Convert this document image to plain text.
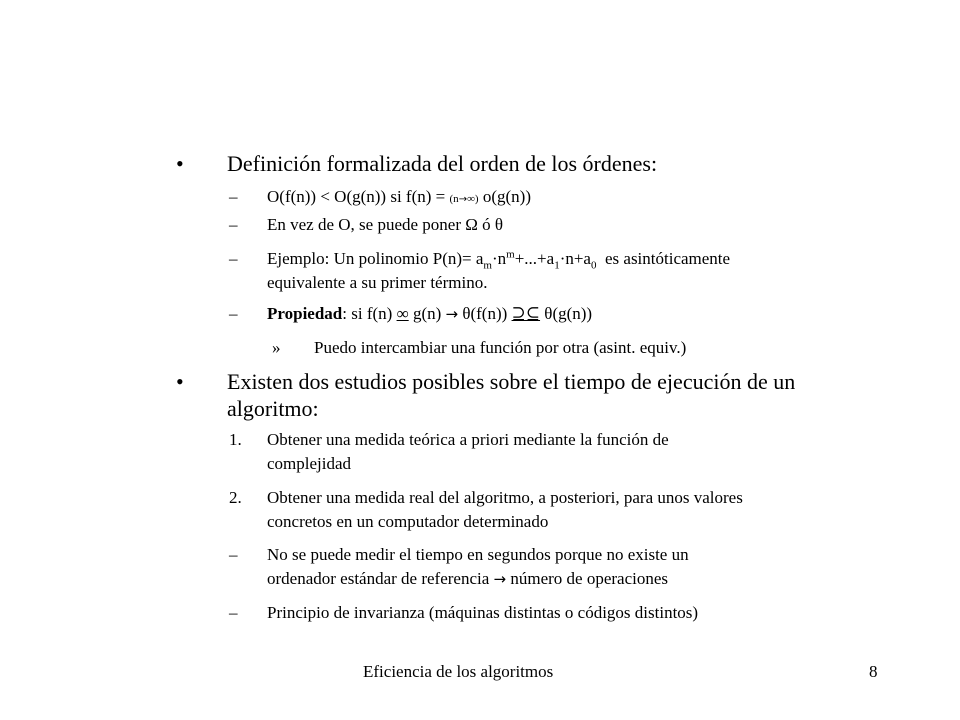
• Definición formalizada del orden de los órdenes:
– O(f(n)) < O(g(n)) si f(n) = (n→∞) o(g(n))
– En vez de O, se puede poner Ω ó θ
– Ejemplo: Un polinomio $P(n)= a_m\cdot n^m+...+a_1\cdot n+a_0$ es asintóticamente
equivalente a su primer término.
– Propiedad: si f(n) ∞ g(n) → θ(f(n)) ⊇⊆ θ(g(n))
» Puedo intercambiar una función por otra (asint. equiv.)
• Existen dos estudios posibles sobre el tiempo de ejecución de un
algoritmo:
1. Obtener una medida teórica a priori mediante la función de
complejidad
2. Obtener una medida real del algoritmo, a posteriori, para unos valores
concretos en un computador determinado
– No se puede medir el tiempo en segundos porque no existe un
ordenador estándar de referencia → número de operaciones
– Principio de invarianza (máquinas distintas o códigos distintos)
Eficiencia de los algoritmos	8
